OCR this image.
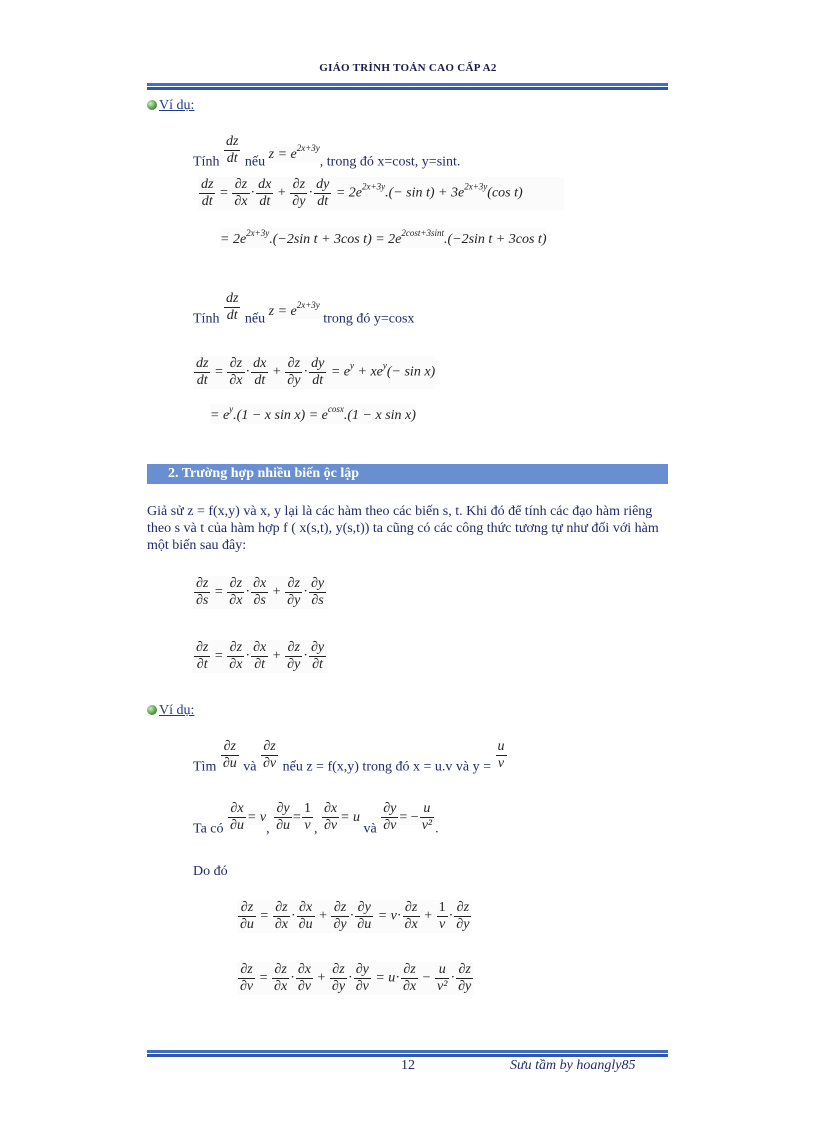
GIÁO TRÌNH TOÁN CAO CẤP A2
Ví dụ:
Tính $\frac{dz}{dt}$ nếu $z = e^{2x+3y}$, trong đó x=cost, y=sint.
$\frac{dz}{dt} = \frac{\partial z}{\partial x} \cdot \frac{dx}{dt} + \frac{\partial z}{\partial y} \cdot \frac{dy}{dt} = 2e^{2x+3y}.(- \sin t) + 3e^{2x+3y}(\cos$ t)
= $2e^{2x+3y}.(-2\sin$ t + 3cos $t) = 2e^{2cost+3sint}.(-2\sin$ t + 3cos t)
Tính $\frac{dz}{dt}$ nếu $z = e^{2x+3y}$ trong đó y=cosx
$\frac{dz}{dt} = \frac{\partial z}{\partial x} \cdot \frac{dx}{dt} + \frac{\partial z}{\partial y} \cdot \frac{dy}{dt} = e^y + xe^y(- \sin x)$
= $e^y.(1 - x$ $\sin x) = e^{cosx}.(1 - x$ sin x)
2. Trường hợp nhiều biến ộc lập
Giả sử z = f(x,y) và x, y lại là các hàm theo các biến s, t. Khi đó để tính các đạo hàm riêng theo s và t của hàm hợp f ( x(s,t), y(s,t)) ta cũng có các công thức tương tự như đối với hàm một biến sau đây:
$\frac{\partial z}{\partial s} = \frac{\partial z}{\partial x} \cdot \frac{\partial x}{\partial s} + \frac{\partial z}{\partial y} \cdot \frac{\partial y}{\partial s}$
$\frac{\partial z}{\partial t} = \frac{\partial z}{\partial x} \cdot \frac{\partial x}{\partial t} + \frac{\partial z}{\partial y} \cdot \frac{\partial y}{\partial t}$
Ví dụ:
Tìm $\frac{\partial z}{\partial u}$ và $\frac{\partial z}{\partial v}$ nếu z = f(x,y) trong đó x = u.v và $y = \frac{u}{v}$
Ta có $\frac{\partial x}{\partial u} = v$, $\frac{\partial y}{\partial u} = \frac{1}{v}$ , $\frac{\partial x}{\partial v} = u$ và $\frac{\partial y}{\partial v}$ = − $\frac{u}{\text{v²}}$ .
Do đó
$\frac{\partial z}{\partial u} = \frac{\partial z}{\partial x} \cdot \frac{\partial x}{\partial u} + \frac{\partial z}{\partial y} \cdot \frac{\partial y}{\partial u} = v\cdot \frac{\partial z}{\partial x} + \frac{1}{v} \cdot \frac{\partial z}{\partial y}$
$\frac{\partial z}{\partial v} = \frac{\partial z}{\partial x} \cdot \frac{\partial x}{\partial v} + \frac{\partial z}{\partial y} \cdot \frac{\partial y}{\partial v} = u\cdot \frac{\partial z}{\partial x} - \frac{u}{\text{v²}} \cdot \frac{\partial z}{\partial y}$
12	Sưu tầm by hoangly85
